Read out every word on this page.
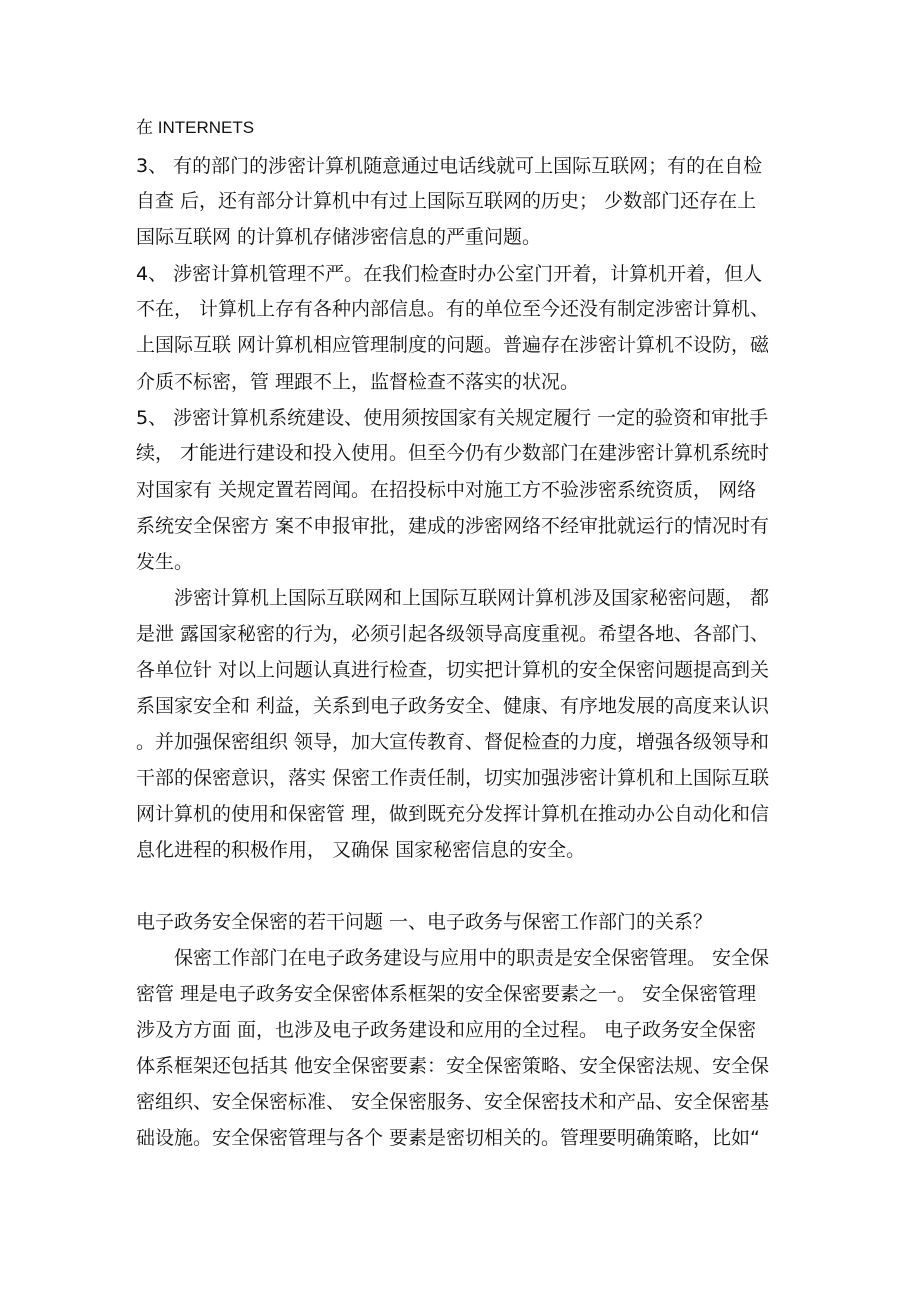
在 INTERNETS
3、 有的部门的涉密计算机随意通过电话线就可上国际互联网；有的在自检
自查 后，还有部分计算机中有过上国际互联网的历史； 少数部门还存在上
国际互联网 的计算机存储涉密信息的严重问题。
4、 涉密计算机管理不严。在我们检查时办公室门开着，计算机开着，但人
不在， 计算机上存有各种内部信息。有的单位至今还没有制定涉密计算机、
上国际互联 网计算机相应管理制度的问题。普遍存在涉密计算机不设防，磁
介质不标密，管 理跟不上，监督检查不落实的状况。
5、 涉密计算机系统建设、使用须按国家有关规定履行 一定的验资和审批手
续， 才能进行建设和投入使用。但至今仍有少数部门在建涉密计算机系统时
对国家有 关规定置若罔闻。在招投标中对施工方不验涉密系统资质， 网络
系统安全保密方 案不申报审批，建成的涉密网络不经审批就运行的情况时有
发生。
涉密计算机上国际互联网和上国际互联网计算机涉及国家秘密问题， 都
是泄 露国家秘密的行为，必须引起各级领导高度重视。希望各地、各部门、
各单位针 对以上问题认真进行检查，切实把计算机的安全保密问题提高到关
系国家安全和 利益，关系到电子政务安全、健康、有序地发展的高度来认识
。并加强保密组织 领导，加大宣传教育、督促检查的力度，增强各级领导和
干部的保密意识，落实 保密工作责任制，切实加强涉密计算机和上国际互联
网计算机的使用和保密管 理，做到既充分发挥计算机在推动办公自动化和信
息化进程的积极作用， 又确保 国家秘密信息的安全。
电子政务安全保密的若干问题 一、电子政务与保密工作部门的关系？
保密工作部门在电子政务建设与应用中的职责是安全保密管理。 安全保
密管 理是电子政务安全保密体系框架的安全保密要素之一。 安全保密管理
涉及方方面 面，也涉及电子政务建设和应用的全过程。 电子政务安全保密
体系框架还包括其 他安全保密要素：安全保密策略、安全保密法规、安全保
密组织、安全保密标准、 安全保密服务、安全保密技术和产品、安全保密基
础设施。安全保密管理与各个 要素是密切相关的。管理要明确策略，比如“
